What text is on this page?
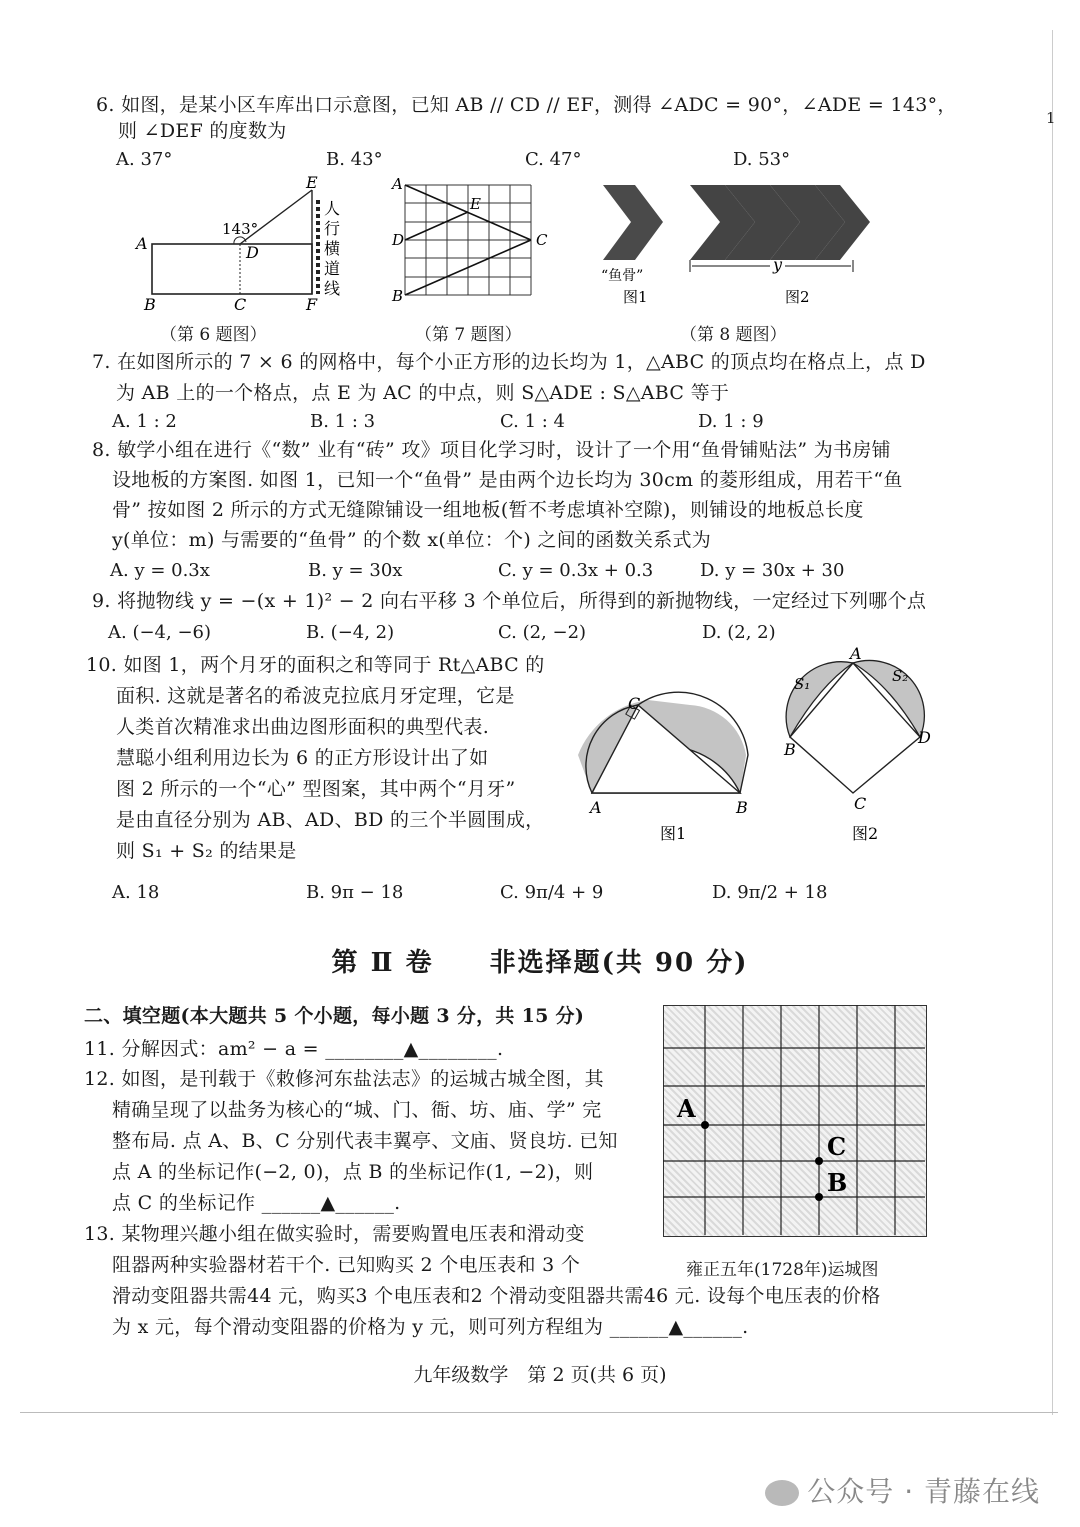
1
6. 如图，是某小区车库出口示意图，已知 AB // CD // EF，测得 ∠ADC = 90°，∠ADE = 143°，
则 ∠DEF 的度数为
A. 37°	B. 43°	C. 47°	D. 53°
A
B	C
D
E
F
143°
人
行
横
道
线
（第 6 题图）
A
B
C
D
E
（第 7 题图）
y
“鱼骨”
图1	图2
（第 8 题图）
7. 在如图所示的 7 × 6 的网格中，每个小正方形的边长均为 1，△ABC 的顶点均在格点上，点 D
为 AB 上的一个格点，点 E 为 AC 的中点，则 S△ADE : S△ABC 等于
A. 1 : 2	B. 1 : 3	C. 1 : 4	D. 1 : 9
8. 敏学小组在进行《“数” 业有“砖” 攻》项目化学习时，设计了一个用“鱼骨铺贴法” 为书房铺
设地板的方案图. 如图 1，已知一个“鱼骨” 是由两个边长均为 30cm 的菱形组成，用若干“鱼
骨” 按如图 2 所示的方式无缝隙铺设一组地板(暂不考虑填补空隙)，则铺设的地板总长度
y(单位：m) 与需要的“鱼骨” 的个数 x(单位：个) 之间的函数关系式为
A. y = 0.3x	B. y = 30x	C. y = 0.3x + 0.3	D. y = 30x + 30
9. 将抛物线 y = −(x + 1)² − 2 向右平移 3 个单位后，所得到的新抛物线，一定经过下列哪个点
A. (−4, −6)	B. (−4, 2)	C. (2, −2)	D. (2, 2)
10. 如图 1，两个月牙的面积之和等同于 Rt△ABC 的
面积. 这就是著名的希波克拉底月牙定理，它是
人类首次精准求出曲边图形面积的典型代表.
慧聪小组利用边长为 6 的正方形设计出了如
图 2 所示的一个“心” 型图案，其中两个“月牙”
是由直径分别为 AB、AD、BD 的三个半圆围成，
则 S₁ + S₂ 的结果是
A. 18	B. 9π − 18	C. 9π/4 + 9	D. 9π/2 + 18
A	B
C
图1
A
B
C
D
S₁	S₂
图2
第 Ⅱ 卷　　非选择题(共 90 分)
二、填空题(本大题共 5 个小题，每小题 3 分，共 15 分)
11. 分解因式：am² − a = ________▲________.
12. 如图，是刊载于《敕修河东盐法志》的运城古城全图，其
精确呈现了以盐务为核心的“城、门、衙、坊、庙、学” 完
整布局. 点 A、B、C 分别代表丰翼亭、文庙、贤良坊. 已知
点 A 的坐标记作(−2, 0)，点 B 的坐标记作(1, −2)，则
点 C 的坐标记作 ______▲______.
A
C
B
雍正五年(1728年)运城图
13. 某物理兴趣小组在做实验时，需要购置电压表和滑动变
阻器两种实验器材若干个. 已知购买 2 个电压表和 3 个
滑动变阻器共需44 元，购买3 个电压表和2 个滑动变阻器共需46 元. 设每个电压表的价格
为 x 元，每个滑动变阻器的价格为 y 元，则可列方程组为 ______▲______.
九年级数学　第 2 页(共 6 页)
公众号 · 青藤在线
